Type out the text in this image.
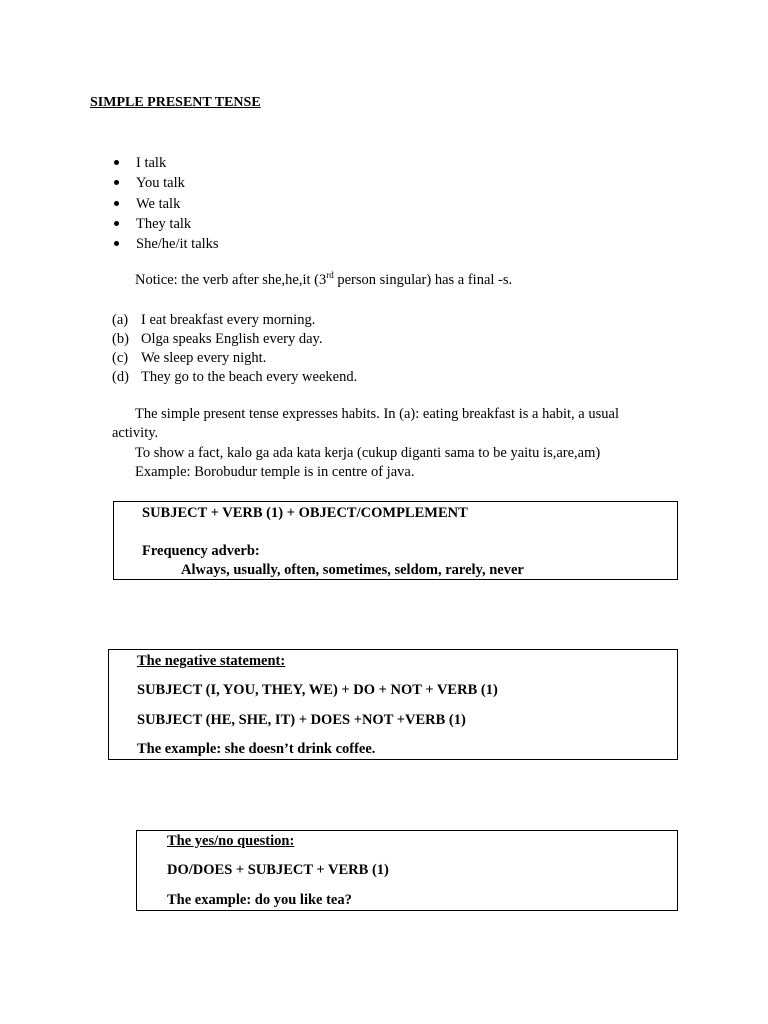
SIMPLE PRESENT TENSE
I talk
You talk
We talk
They talk
She/he/it talks
Notice: the verb after she,he,it (3rd person singular) has a final -s.
(a) I eat breakfast every morning.
(b) Olga speaks English every day.
(c) We sleep every night.
(d) They go to the beach every weekend.
The simple present tense expresses habits. In (a): eating breakfast is a habit, a usual
activity.
To show a fact, kalo ga ada kata kerja (cukup diganti sama to be yaitu is,are,am)
Example: Borobudur temple is in centre of java.
SUBJECT + VERB (1) + OBJECT/COMPLEMENT
Frequency adverb:
Always, usually, often, sometimes, seldom, rarely, never
The negative statement:
SUBJECT (I, YOU, THEY, WE) + DO + NOT + VERB (1)
SUBJECT (HE, SHE, IT) + DOES +NOT +VERB (1)
The example: she doesn’t drink coffee.
The yes/no question:
DO/DOES + SUBJECT + VERB (1)
The example: do you like tea?
